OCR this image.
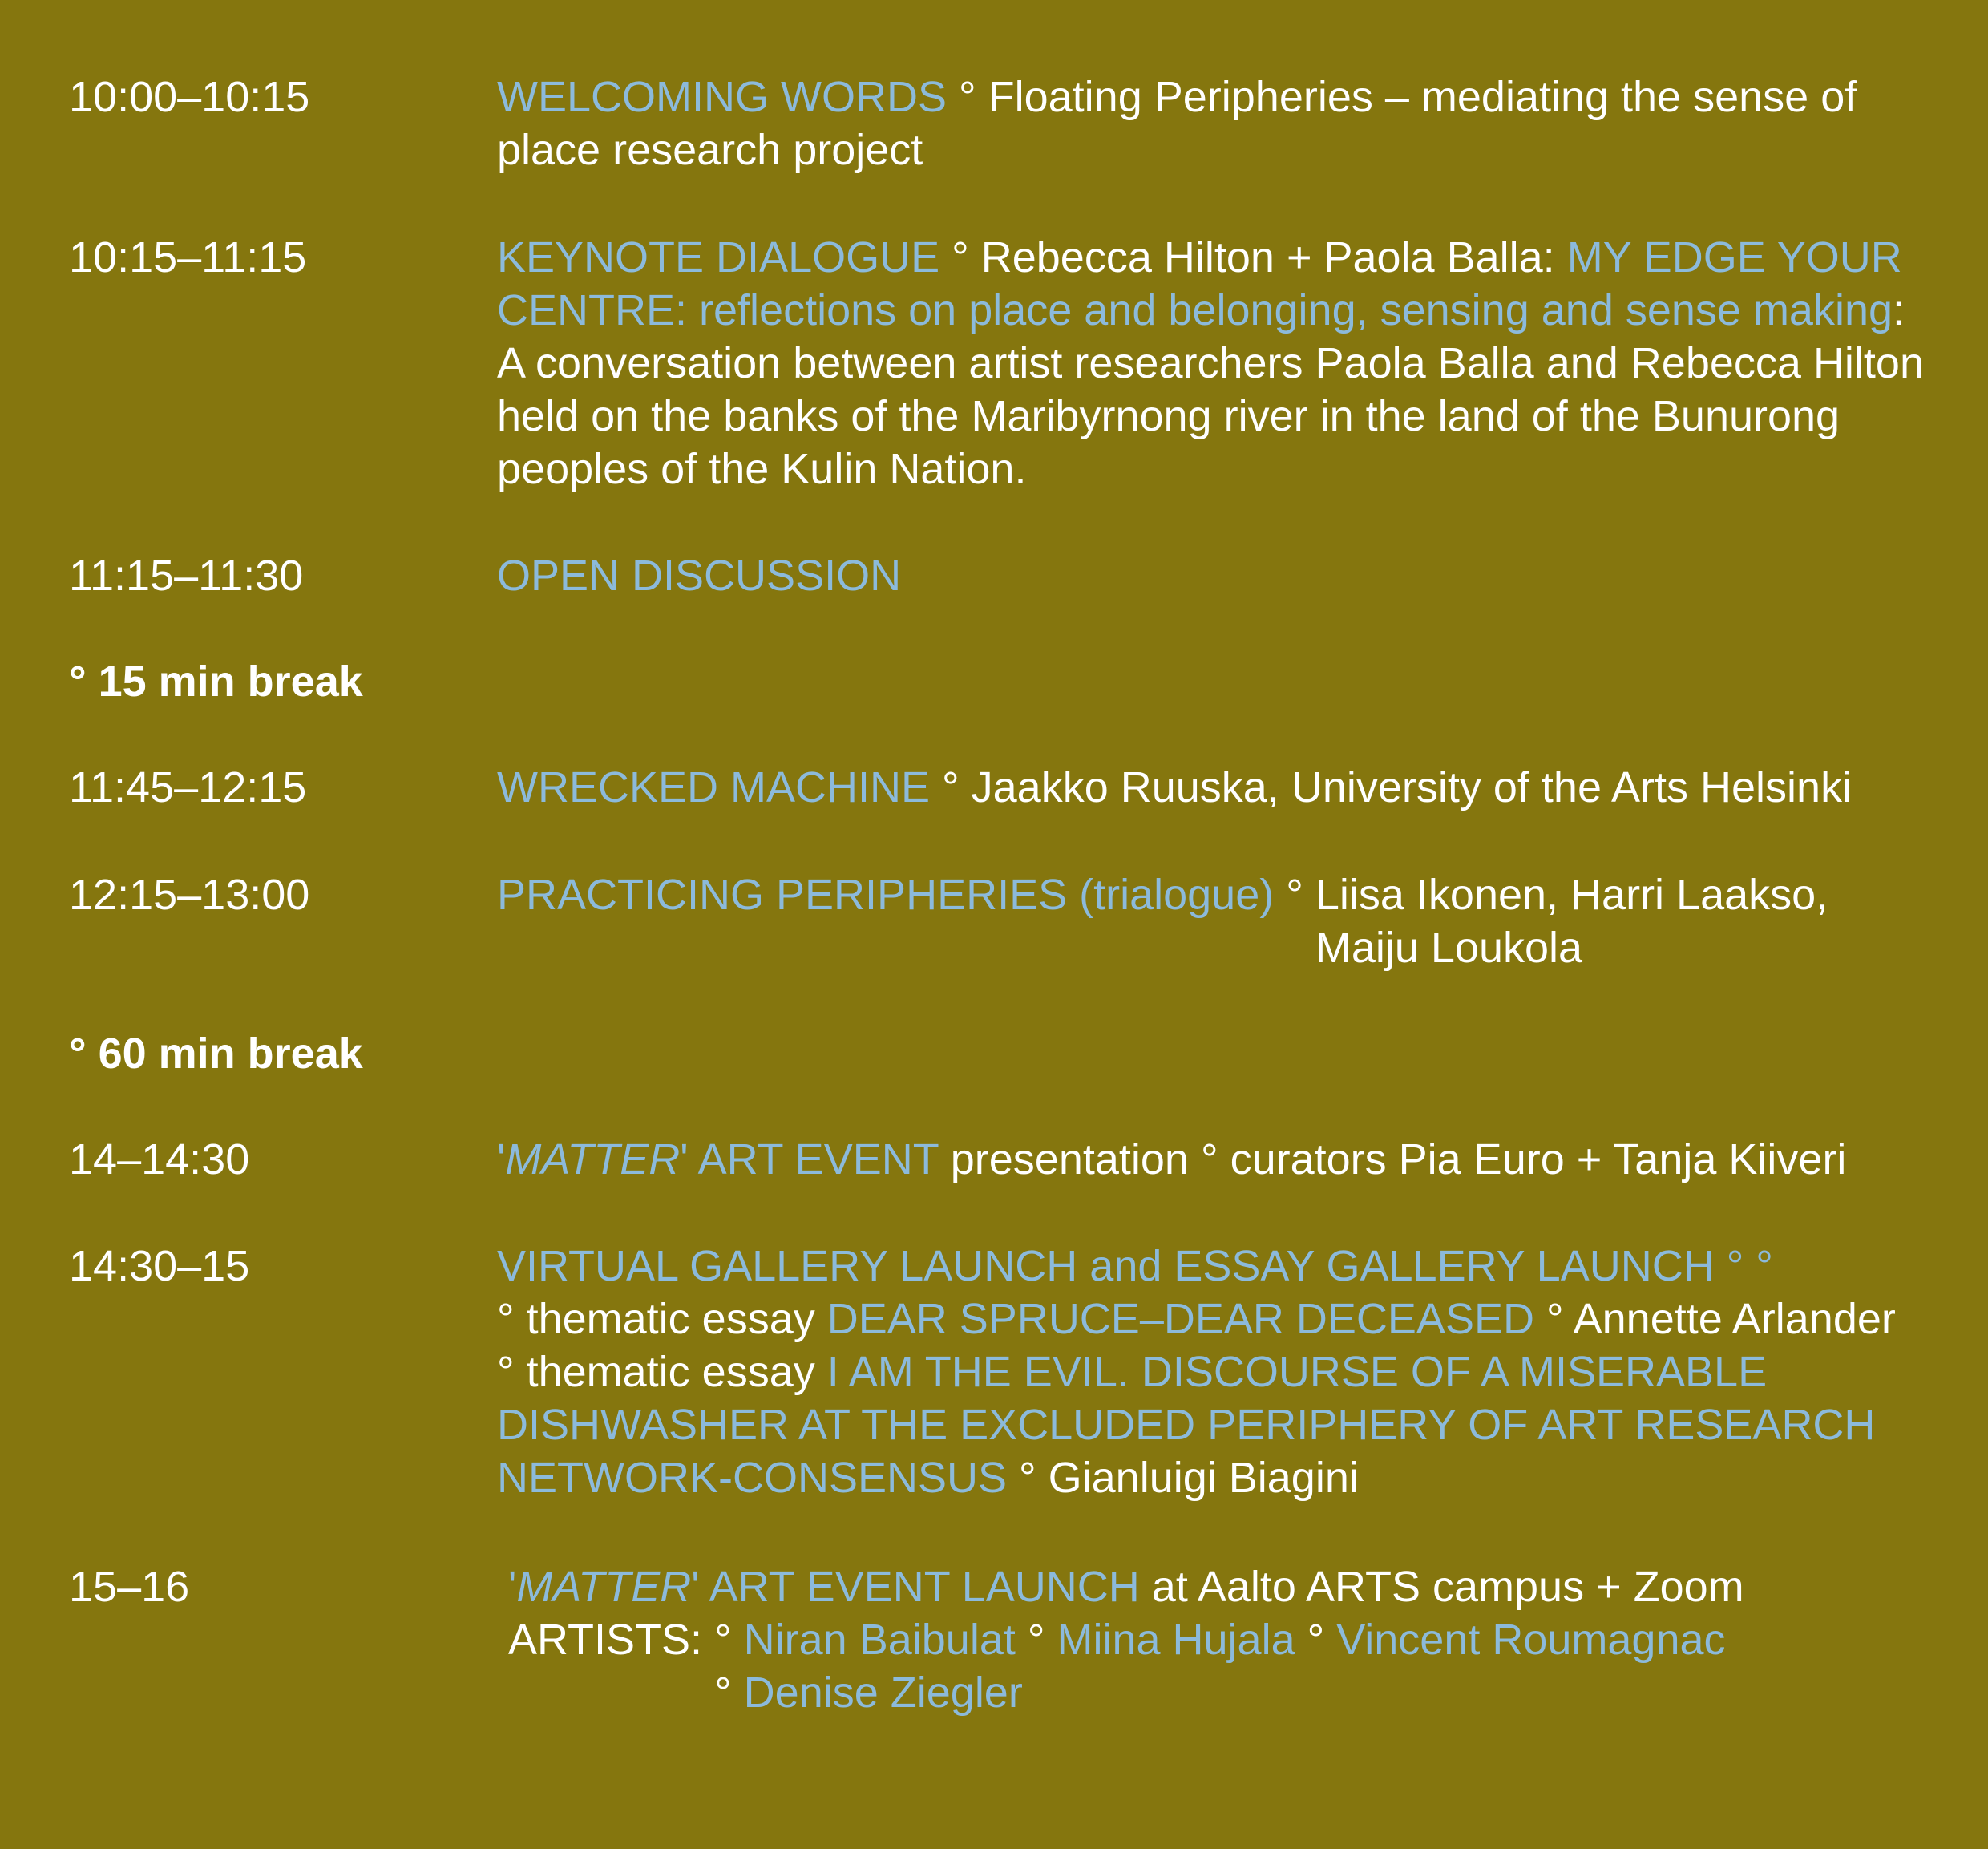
10:00–10:15	WELCOMING WORDS ° Floating Peripheries – mediating the sense of place research project
10:15–11:15	KEYNOTE DIALOGUE ° Rebecca Hilton + Paola Balla: MY EDGE YOUR CENTRE: reflections on place and belonging, sensing and sense making: A conversation between artist researchers Paola Balla and Rebecca Hilton held on the banks of the Maribyrnong river in the land of the Bunurong peoples of the Kulin Nation.
11:15–11:30	OPEN DISCUSSION
° 15 min break
11:45–12:15	WRECKED MACHINE ° Jaakko Ruuska, University of the Arts Helsinki
12:15–13:00	PRACTICING PERIPHERIES (trialogue) ° Liisa Ikonen, Harri Laakso,
Maiju Loukola
° 60 min break
14–14:30	'MATTER' ART EVENT presentation ° curators Pia Euro + Tanja Kiiveri
14:30–15	VIRTUAL GALLERY LAUNCH and ESSAY GALLERY LAUNCH ° °
° thematic essay DEAR SPRUCE–DEAR DECEASED ° Annette Arlander
° thematic essay I AM THE EVIL. DISCOURSE OF A MISERABLE DISHWASHER AT THE EXCLUDED PERIPHERY OF ART RESEARCH NETWORK-CONSENSUS ° Gianluigi Biagini
15–16	'MATTER' ART EVENT LAUNCH at Aalto ARTS campus + Zoom
ARTISTS: ° Niran Baibulat ° Miina Hujala ° Vincent Roumagnac
° Denise Ziegler
